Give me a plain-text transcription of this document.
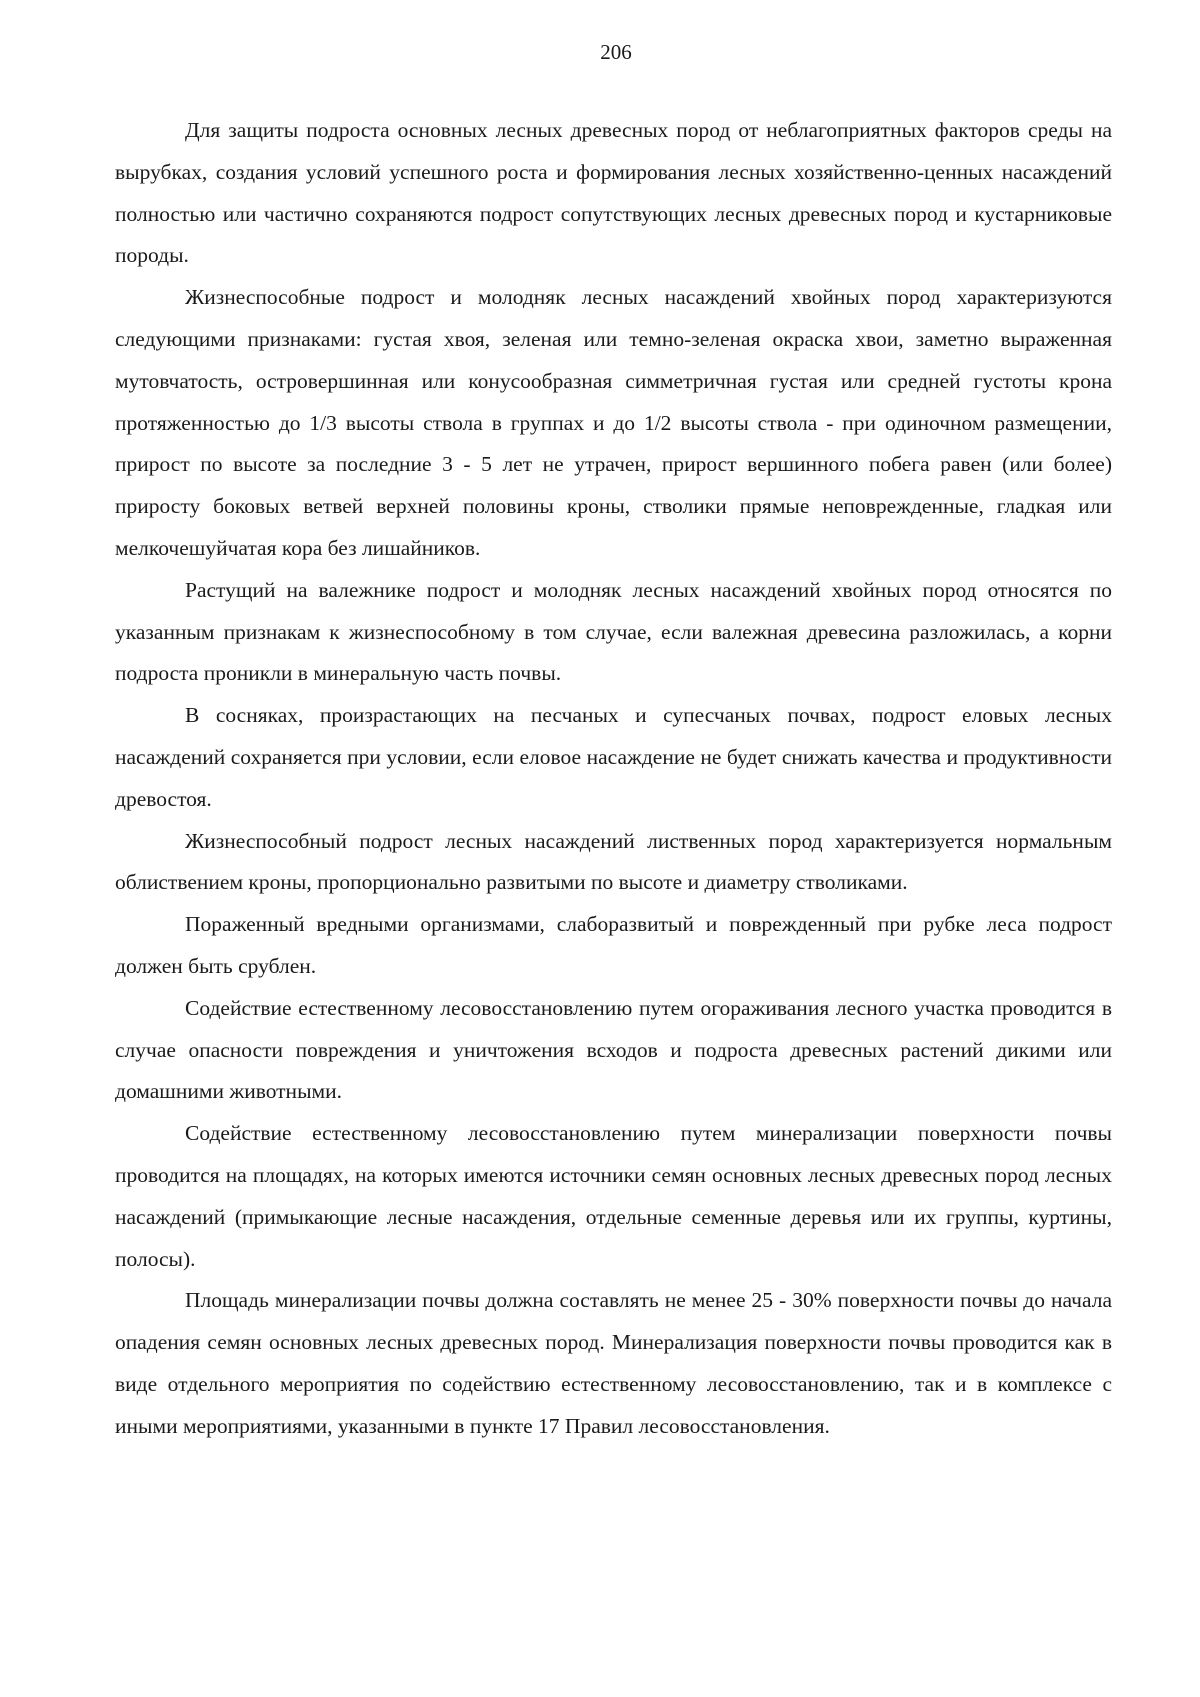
206

Для защиты подроста основных лесных древесных пород от неблагоприятных факторов среды на вырубках, создания условий успешного роста и формирования лесных хозяйственно-ценных насаждений полностью или частично сохраняются подрост сопутствующих лесных древесных пород и кустарниковые породы.

Жизнеспособные подрост и молодняк лесных насаждений хвойных пород характеризуются следующими признаками: густая хвоя, зеленая или темно-зеленая окраска хвои, заметно выраженная мутовчатость, островершинная или конусообразная симметричная густая или средней густоты крона протяженностью до 1/3 высоты ствола в группах и до 1/2 высоты ствола - при одиночном размещении, прирост по высоте за последние 3 - 5 лет не утрачен, прирост вершинного побега равен (или более) приросту боковых ветвей верхней половины кроны, стволики прямые неповрежденные, гладкая или мелкочешуйчатая кора без лишайников.

Растущий на валежнике подрост и молодняк лесных насаждений хвойных пород относятся по указанным признакам к жизнеспособному в том случае, если валежная древесина разложилась, а корни подроста проникли в минеральную часть почвы.

В сосняках, произрастающих на песчаных и супесчаных почвах, подрост еловых лесных насаждений сохраняется при условии, если еловое насаждение не будет снижать качества и продуктивности древостоя.

Жизнеспособный подрост лесных насаждений лиственных пород характеризуется нормальным облиствением кроны, пропорционально развитыми по высоте и диаметру стволиками.

Пораженный вредными организмами, слаборазвитый и поврежденный при рубке леса подрост должен быть срублен.

Содействие естественному лесовосстановлению путем огораживания лесного участка проводится в случае опасности повреждения и уничтожения всходов и подроста древесных растений дикими или домашними животными.

Содействие естественному лесовосстановлению путем минерализации поверхности почвы проводится на площадях, на которых имеются источники семян основных лесных древесных пород лесных насаждений (примыкающие лесные насаждения, отдельные семенные деревья или их группы, куртины, полосы).

Площадь минерализации почвы должна составлять не менее 25 - 30% поверхности почвы до начала опадения семян основных лесных древесных пород. Минерализация поверхности почвы проводится как в виде отдельного мероприятия по содействию естественному лесовосстановлению, так и в комплексе с иными мероприятиями, указанными в пункте 17 Правил лесовосстановления.
